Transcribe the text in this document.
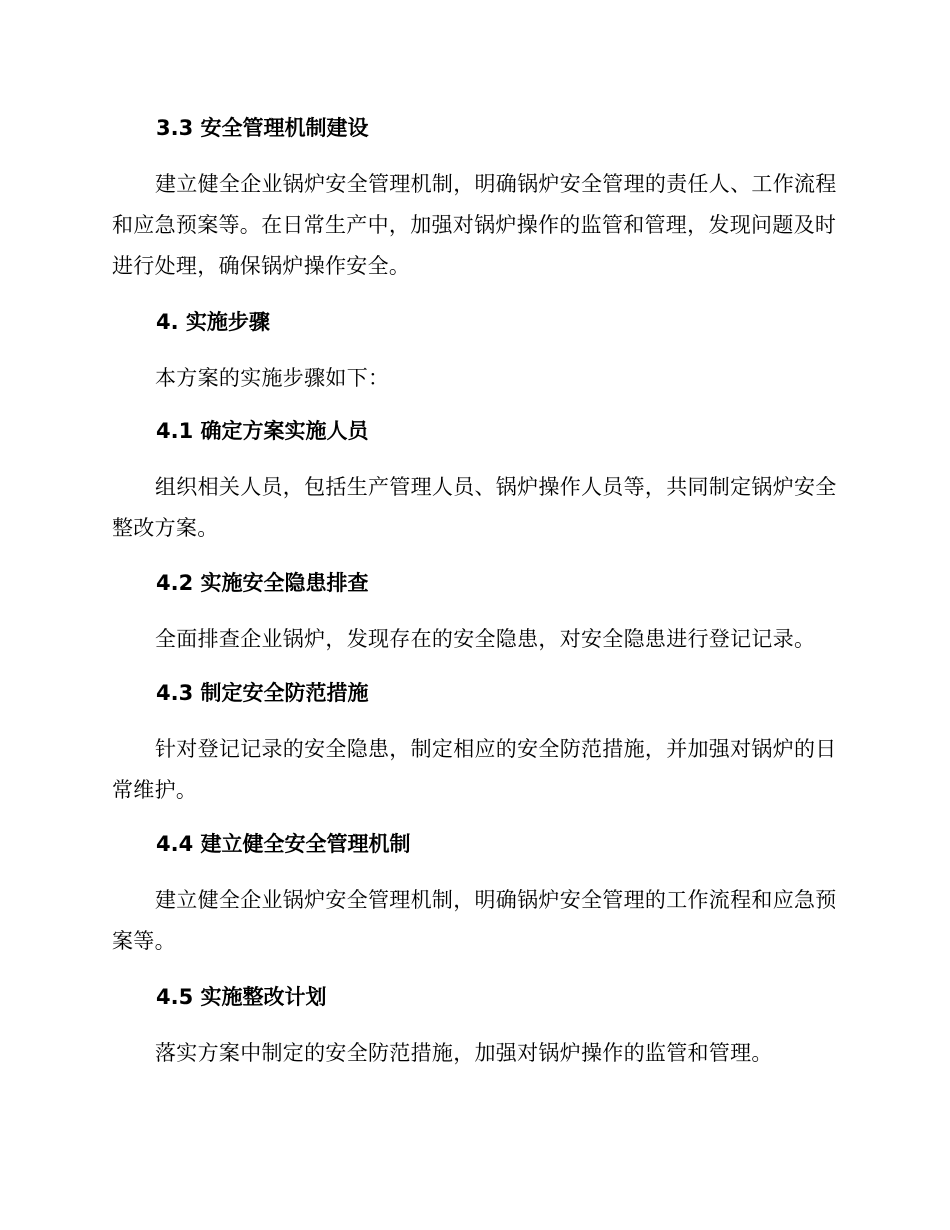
3.3 安全管理机制建设

建立健全企业锅炉安全管理机制，明确锅炉安全管理的责任人、工作流程和应急预案等。在日常生产中，加强对锅炉操作的监管和管理，发现问题及时进行处理，确保锅炉操作安全。

4. 实施步骤

本方案的实施步骤如下：

4.1 确定方案实施人员

组织相关人员，包括生产管理人员、锅炉操作人员等，共同制定锅炉安全整改方案。

4.2 实施安全隐患排查

全面排查企业锅炉，发现存在的安全隐患，对安全隐患进行登记记录。

4.3 制定安全防范措施

针对登记记录的安全隐患，制定相应的安全防范措施，并加强对锅炉的日常维护。

4.4 建立健全安全管理机制

建立健全企业锅炉安全管理机制，明确锅炉安全管理的工作流程和应急预案等。

4.5 实施整改计划

落实方案中制定的安全防范措施，加强对锅炉操作的监管和管理。
